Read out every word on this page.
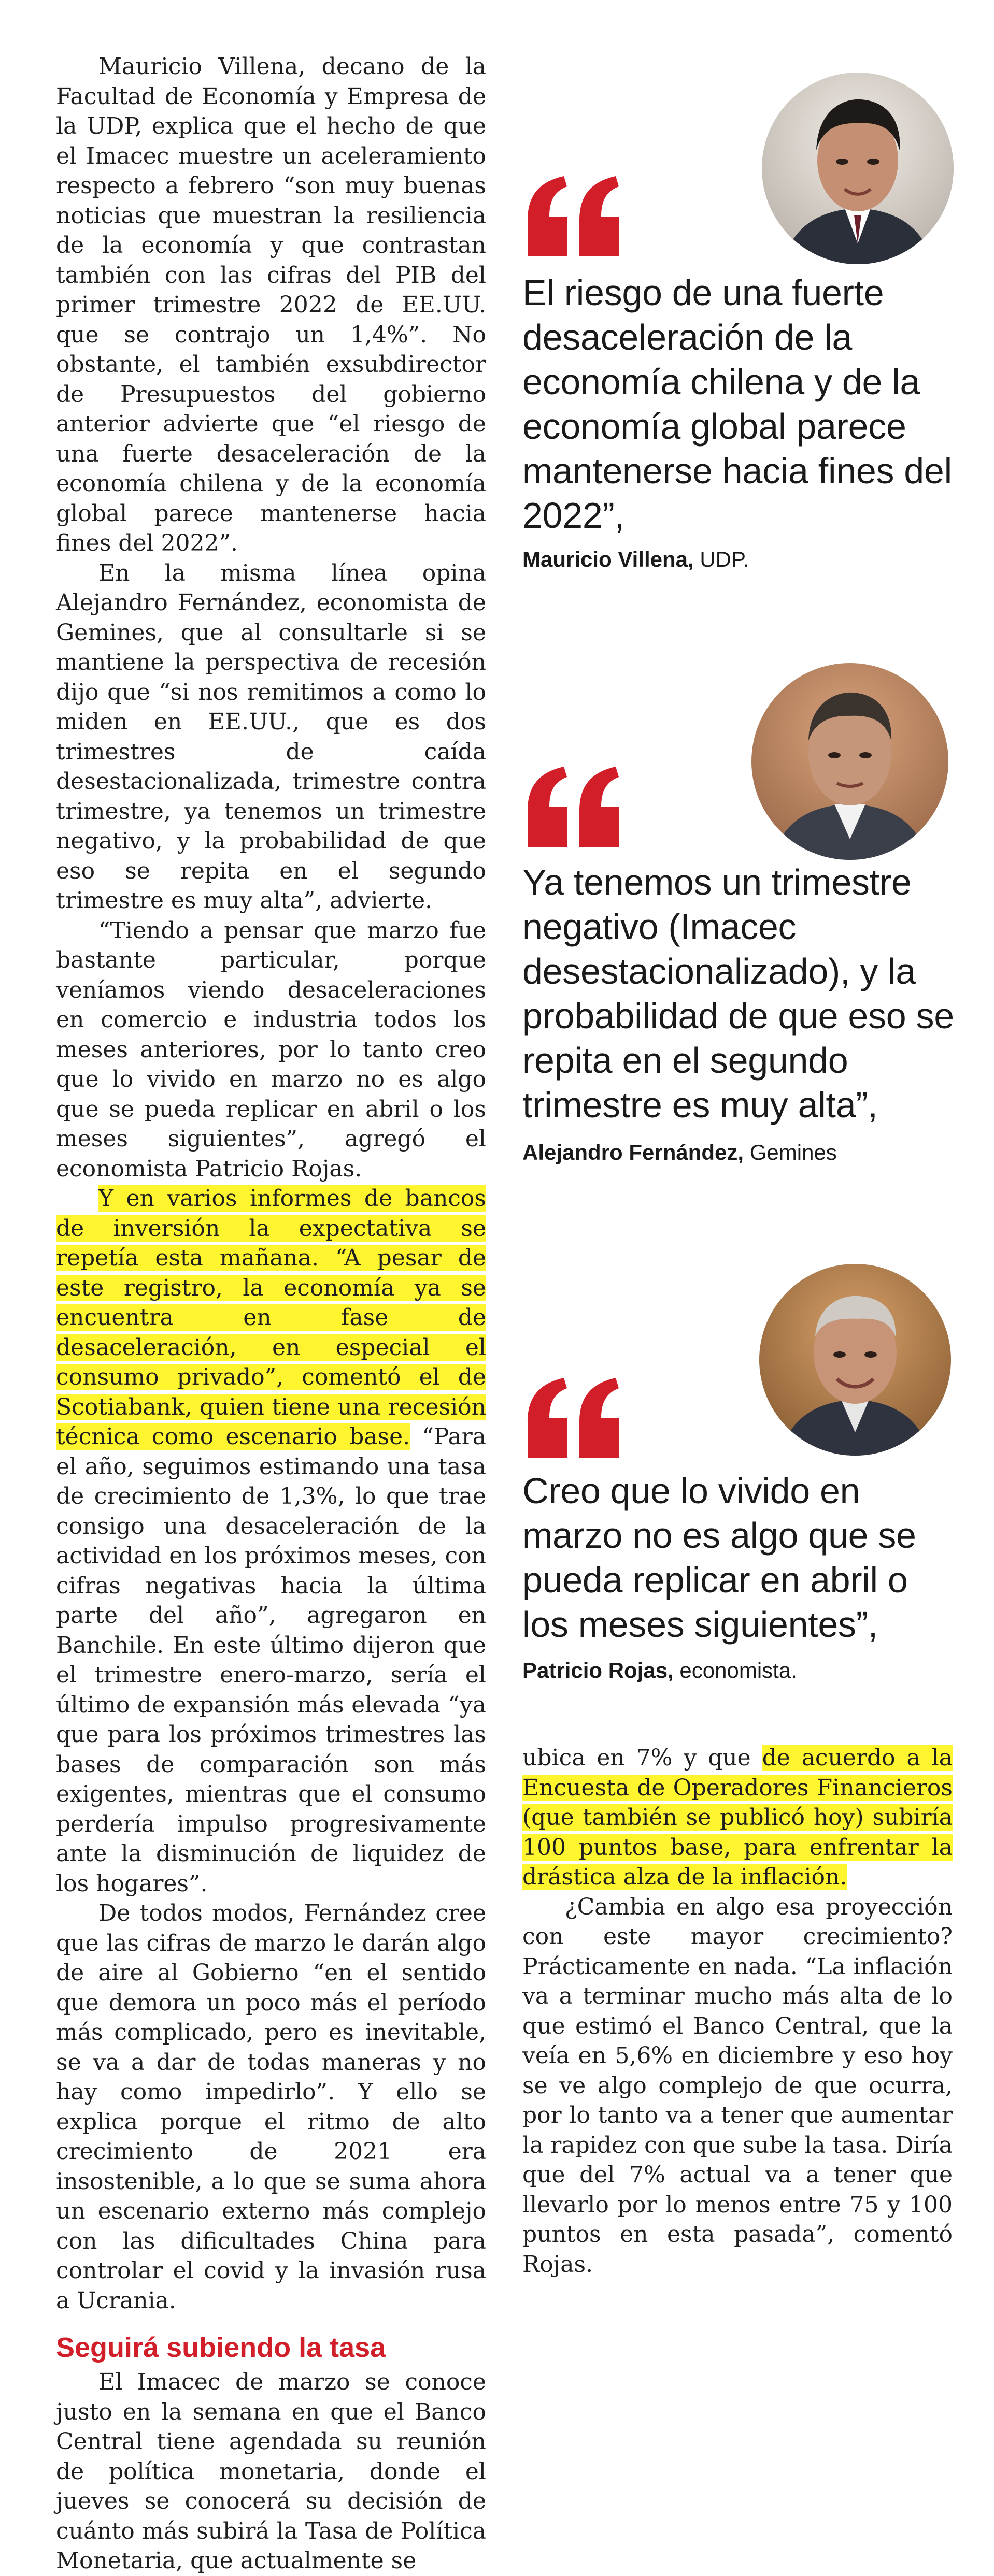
Mauricio Villena, decano de la Facultad de Economía y Empresa de la UDP, explica que el hecho de que el Imacec muestre un aceleramiento respecto a febrero “son muy buenas noticias que muestran la resiliencia de la economía y que contrastan también con las cifras del PIB del primer trimestre 2022 de EE.UU. que se contrajo un 1,4%”. No obstante, el también exsubdirector de Presupuestos del gobierno anterior advierte que “el riesgo de una fuerte desaceleración de la economía chilena y de la economía global parece mantenerse hacia fines del 2022”.

En la misma línea opina Alejandro Fernández, economista de Gemines, que al consultarle si se mantiene la perspectiva de recesión dijo que “si nos remitimos a como lo miden en EE.UU., que es dos trimestres de caída desestacionalizada, trimestre contra trimestre, ya tenemos un trimestre negativo, y la probabilidad de que eso se repita en el segundo trimestre es muy alta”, advierte.

“Tiendo a pensar que marzo fue bastante particular, porque veníamos viendo desaceleraciones en comercio e industria todos los meses anteriores, por lo tanto creo que lo vivido en marzo no es algo que se pueda replicar en abril o los meses siguientes”, agregó el economista Patricio Rojas.

Y en varios informes de bancos de inversión la expectativa se repetía esta mañana. “A pesar de este registro, la economía ya se encuentra en fase de desaceleración, en especial el consumo privado”, comentó el de Scotiabank, quien tiene una recesión técnica como escenario base. “Para el año, seguimos estimando una tasa de crecimiento de 1,3%, lo que trae consigo una desaceleración de la actividad en los próximos meses, con cifras negativas hacia la última parte del año”, agregaron en Banchile. En este último dijeron que el trimestre enero-marzo, sería el último de expansión más elevada “ya que para los próximos trimestres las bases de comparación son más exigentes, mientras que el consumo perdería impulso progresivamente ante la disminución de liquidez de los hogares”.

De todos modos, Fernández cree que las cifras de marzo le darán algo de aire al Gobierno “en el sentido que demora un poco más el período más complicado, pero es inevitable, se va a dar de todas maneras y no hay como impedirlo”. Y ello se explica porque el ritmo de alto crecimiento de 2021 era insostenible, a lo que se suma ahora un escenario externo más complejo con las dificultades China para controlar el covid y la invasión rusa a Ucrania.

Seguirá subiendo la tasa

El Imacec de marzo se conoce justo en la semana en que el Banco Central tiene agendada su reunión de política monetaria, donde el jueves se conocerá su decisión de cuánto más subirá la Tasa de Política Monetaria, que actualmente se

El riesgo de una fuerte desaceleración de la economía chilena y de la economía global parece mantenerse hacia fines del 2022”,
Mauricio Villena, UDP.
Ya tenemos un trimestre negativo (Imacec desestacionalizado), y la probabilidad de que eso se repita en el segundo trimestre es muy alta”,
Alejandro Fernández, Gemines
Creo que lo vivido en marzo no es algo que se pueda replicar en abril o los meses siguientes”,
Patricio Rojas, economista.

ubica en 7% y que de acuerdo a la Encuesta de Operadores Financieros (que también se publicó hoy) subiría 100 puntos base, para enfrentar la drástica alza de la inflación.

¿Cambia en algo esa proyección con este mayor crecimiento? Prácticamente en nada. “La inflación va a terminar mucho más alta de lo que estimó el Banco Central, que la veía en 5,6% en diciembre y eso hoy se ve algo complejo de que ocurra, por lo tanto va a tener que aumentar la rapidez con que sube la tasa. Diría que del 7% actual va a tener que llevarlo por lo menos entre 75 y 100 puntos en esta pasada”, comentó Rojas.
